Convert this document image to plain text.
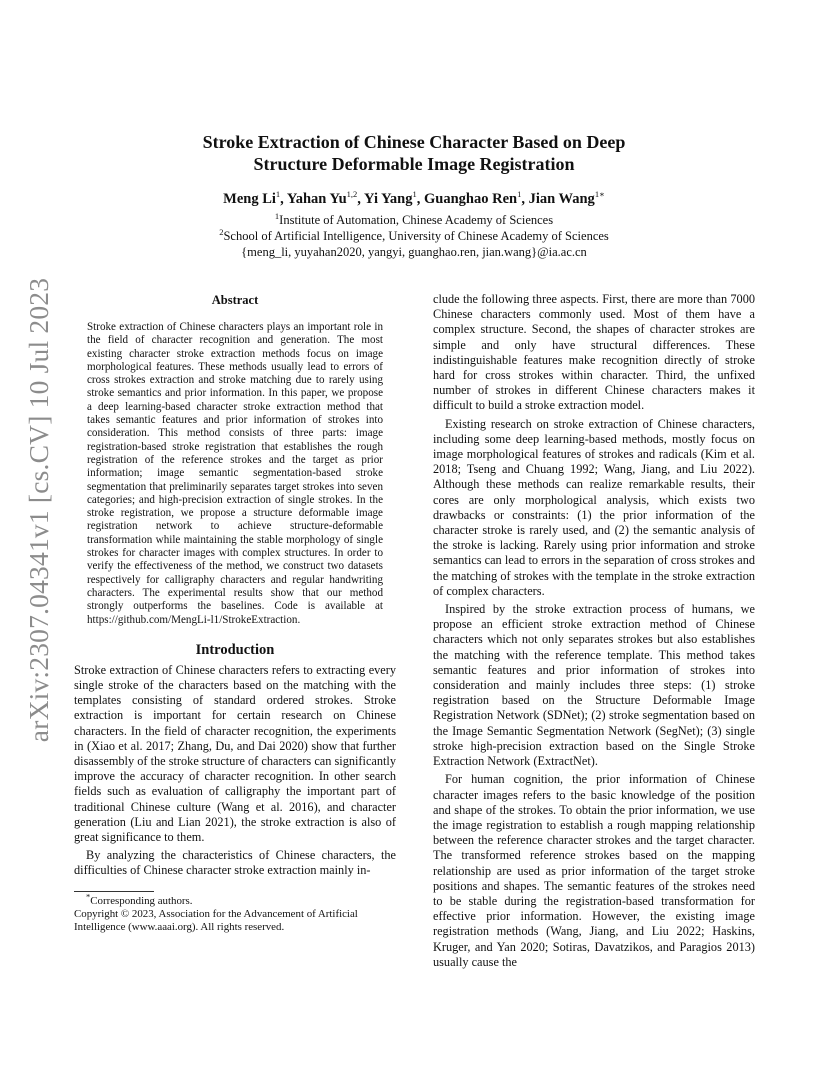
arXiv:2307.04341v1 [cs.CV] 10 Jul 2023
Stroke Extraction of Chinese Character Based on Deep
Structure Deformable Image Registration
Meng Li$^1$, Yahan Yu$^{1,2}$, Yi Yang$^1$, Guanghao Ren$^1$, Jian Wang$^{1∗}$
$^1$Institute of Automation, Chinese Academy of Sciences
$^2$School of Artificial Intelligence, University of Chinese Academy of Sciences
{meng_li, yuyahan2020, yangyi, guanghao.ren, jian.wang}@ia.ac.cn
Abstract
Stroke extraction of Chinese characters plays an important role in the field of character recognition and generation. The most existing character stroke extraction methods focus on image morphological features. These methods usually lead to errors of cross strokes extraction and stroke matching due to rarely using stroke semantics and prior information. In this paper, we propose a deep learning-based character stroke extraction method that takes semantic features and prior information of strokes into consideration. This method consists of three parts: image registration-based stroke registration that establishes the rough registration of the reference strokes and the target as prior information; image semantic segmentation-based stroke segmentation that preliminarily separates target strokes into seven categories; and high-precision extraction of single strokes. In the stroke registration, we propose a structure deformable image registration network to achieve structure-deformable transformation while maintaining the stable morphology of single strokes for character images with complex structures. In order to verify the effectiveness of the method, we construct two datasets respectively for calligraphy characters and regular handwriting characters. The experimental results show that our method strongly outperforms the baselines. Code is available at https://github.com/MengLi-l1/StrokeExtraction.
Introduction

Stroke extraction of Chinese characters refers to extracting every single stroke of the characters based on the matching with the templates consisting of standard ordered strokes. Stroke extraction is important for certain research on Chinese characters. In the field of character recognition, the experiments in (Xiao et al. 2017; Zhang, Du, and Dai 2020) show that further disassembly of the stroke structure of characters can significantly improve the accuracy of character recognition. In other search fields such as evaluation of calligraphy the important part of traditional Chinese culture (Wang et al. 2016), and character generation (Liu and Lian 2021), the stroke extraction is also of great significance to them.

By analyzing the characteristics of Chinese characters, the difficulties of Chinese character stroke extraction mainly in-

*Corresponding authors.
Copyright © 2023, Association for the Advancement of Artificial Intelligence (www.aaai.org). All rights reserved.

clude the following three aspects. First, there are more than 7000 Chinese characters commonly used. Most of them have a complex structure. Second, the shapes of character strokes are simple and only have structural differences. These indistinguishable features make recognition directly of stroke hard for cross strokes within character. Third, the unfixed number of strokes in different Chinese characters makes it difficult to build a stroke extraction model.

Existing research on stroke extraction of Chinese characters, including some deep learning-based methods, mostly focus on image morphological features of strokes and radicals (Kim et al. 2018; Tseng and Chuang 1992; Wang, Jiang, and Liu 2022). Although these methods can realize remarkable results, their cores are only morphological analysis, which exists two drawbacks or constraints: (1) the prior information of the character stroke is rarely used, and (2) the semantic analysis of the stroke is lacking. Rarely using prior information and stroke semantics can lead to errors in the separation of cross strokes and the matching of strokes with the template in the stroke extraction of complex characters.

Inspired by the stroke extraction process of humans, we propose an efficient stroke extraction method of Chinese characters which not only separates strokes but also establishes the matching with the reference template. This method takes semantic features and prior information of strokes into consideration and mainly includes three steps: (1) stroke registration based on the Structure Deformable Image Registration Network (SDNet); (2) stroke segmentation based on the Image Semantic Segmentation Network (SegNet); (3) single stroke high-precision extraction based on the Single Stroke Extraction Network (ExtractNet).

For human cognition, the prior information of Chinese character images refers to the basic knowledge of the position and shape of the strokes. To obtain the prior information, we use the image registration to establish a rough mapping relationship between the reference character strokes and the target character. The transformed reference strokes based on the mapping relationship are used as prior information of the target stroke positions and shapes. The semantic features of the strokes need to be stable during the registration-based transformation for effective prior information. However, the existing image registration methods (Wang, Jiang, and Liu 2022; Haskins, Kruger, and Yan 2020; Sotiras, Davatzikos, and Paragios 2013) usually cause the
